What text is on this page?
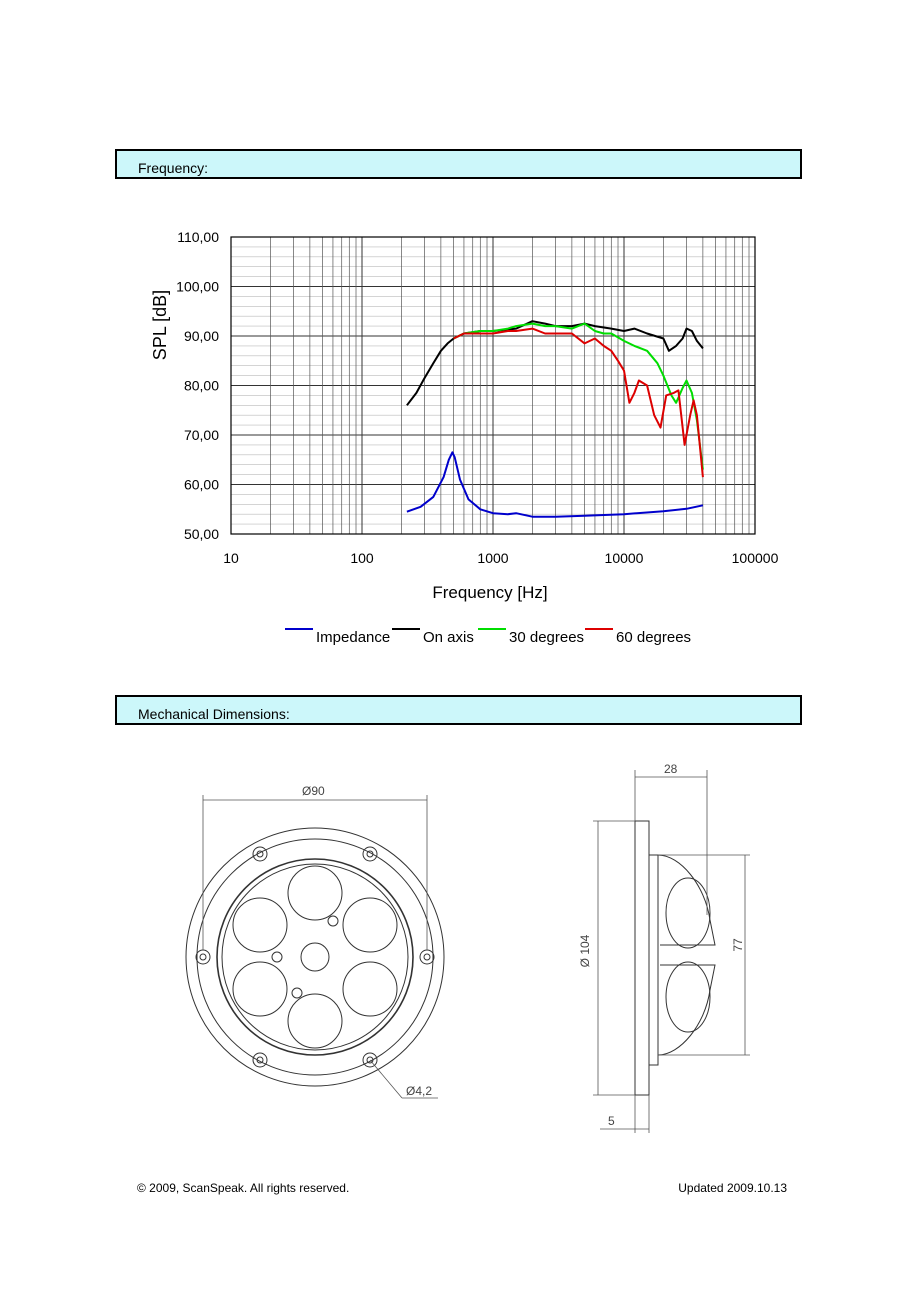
Frequency:
50,00
60,00
70,00
80,00
90,00
100,00
110,00
10	100	1000	10000	100000
Frequency [Hz]
SPL [dB]
Impedance On axis 30 degrees 60 degrees
Mechanical Dimensions:
Ø90
Ø4,2
28
Ø 104	77
5
© 2009, ScanSpeak. All rights reserved.	Updated 2009.10.13
